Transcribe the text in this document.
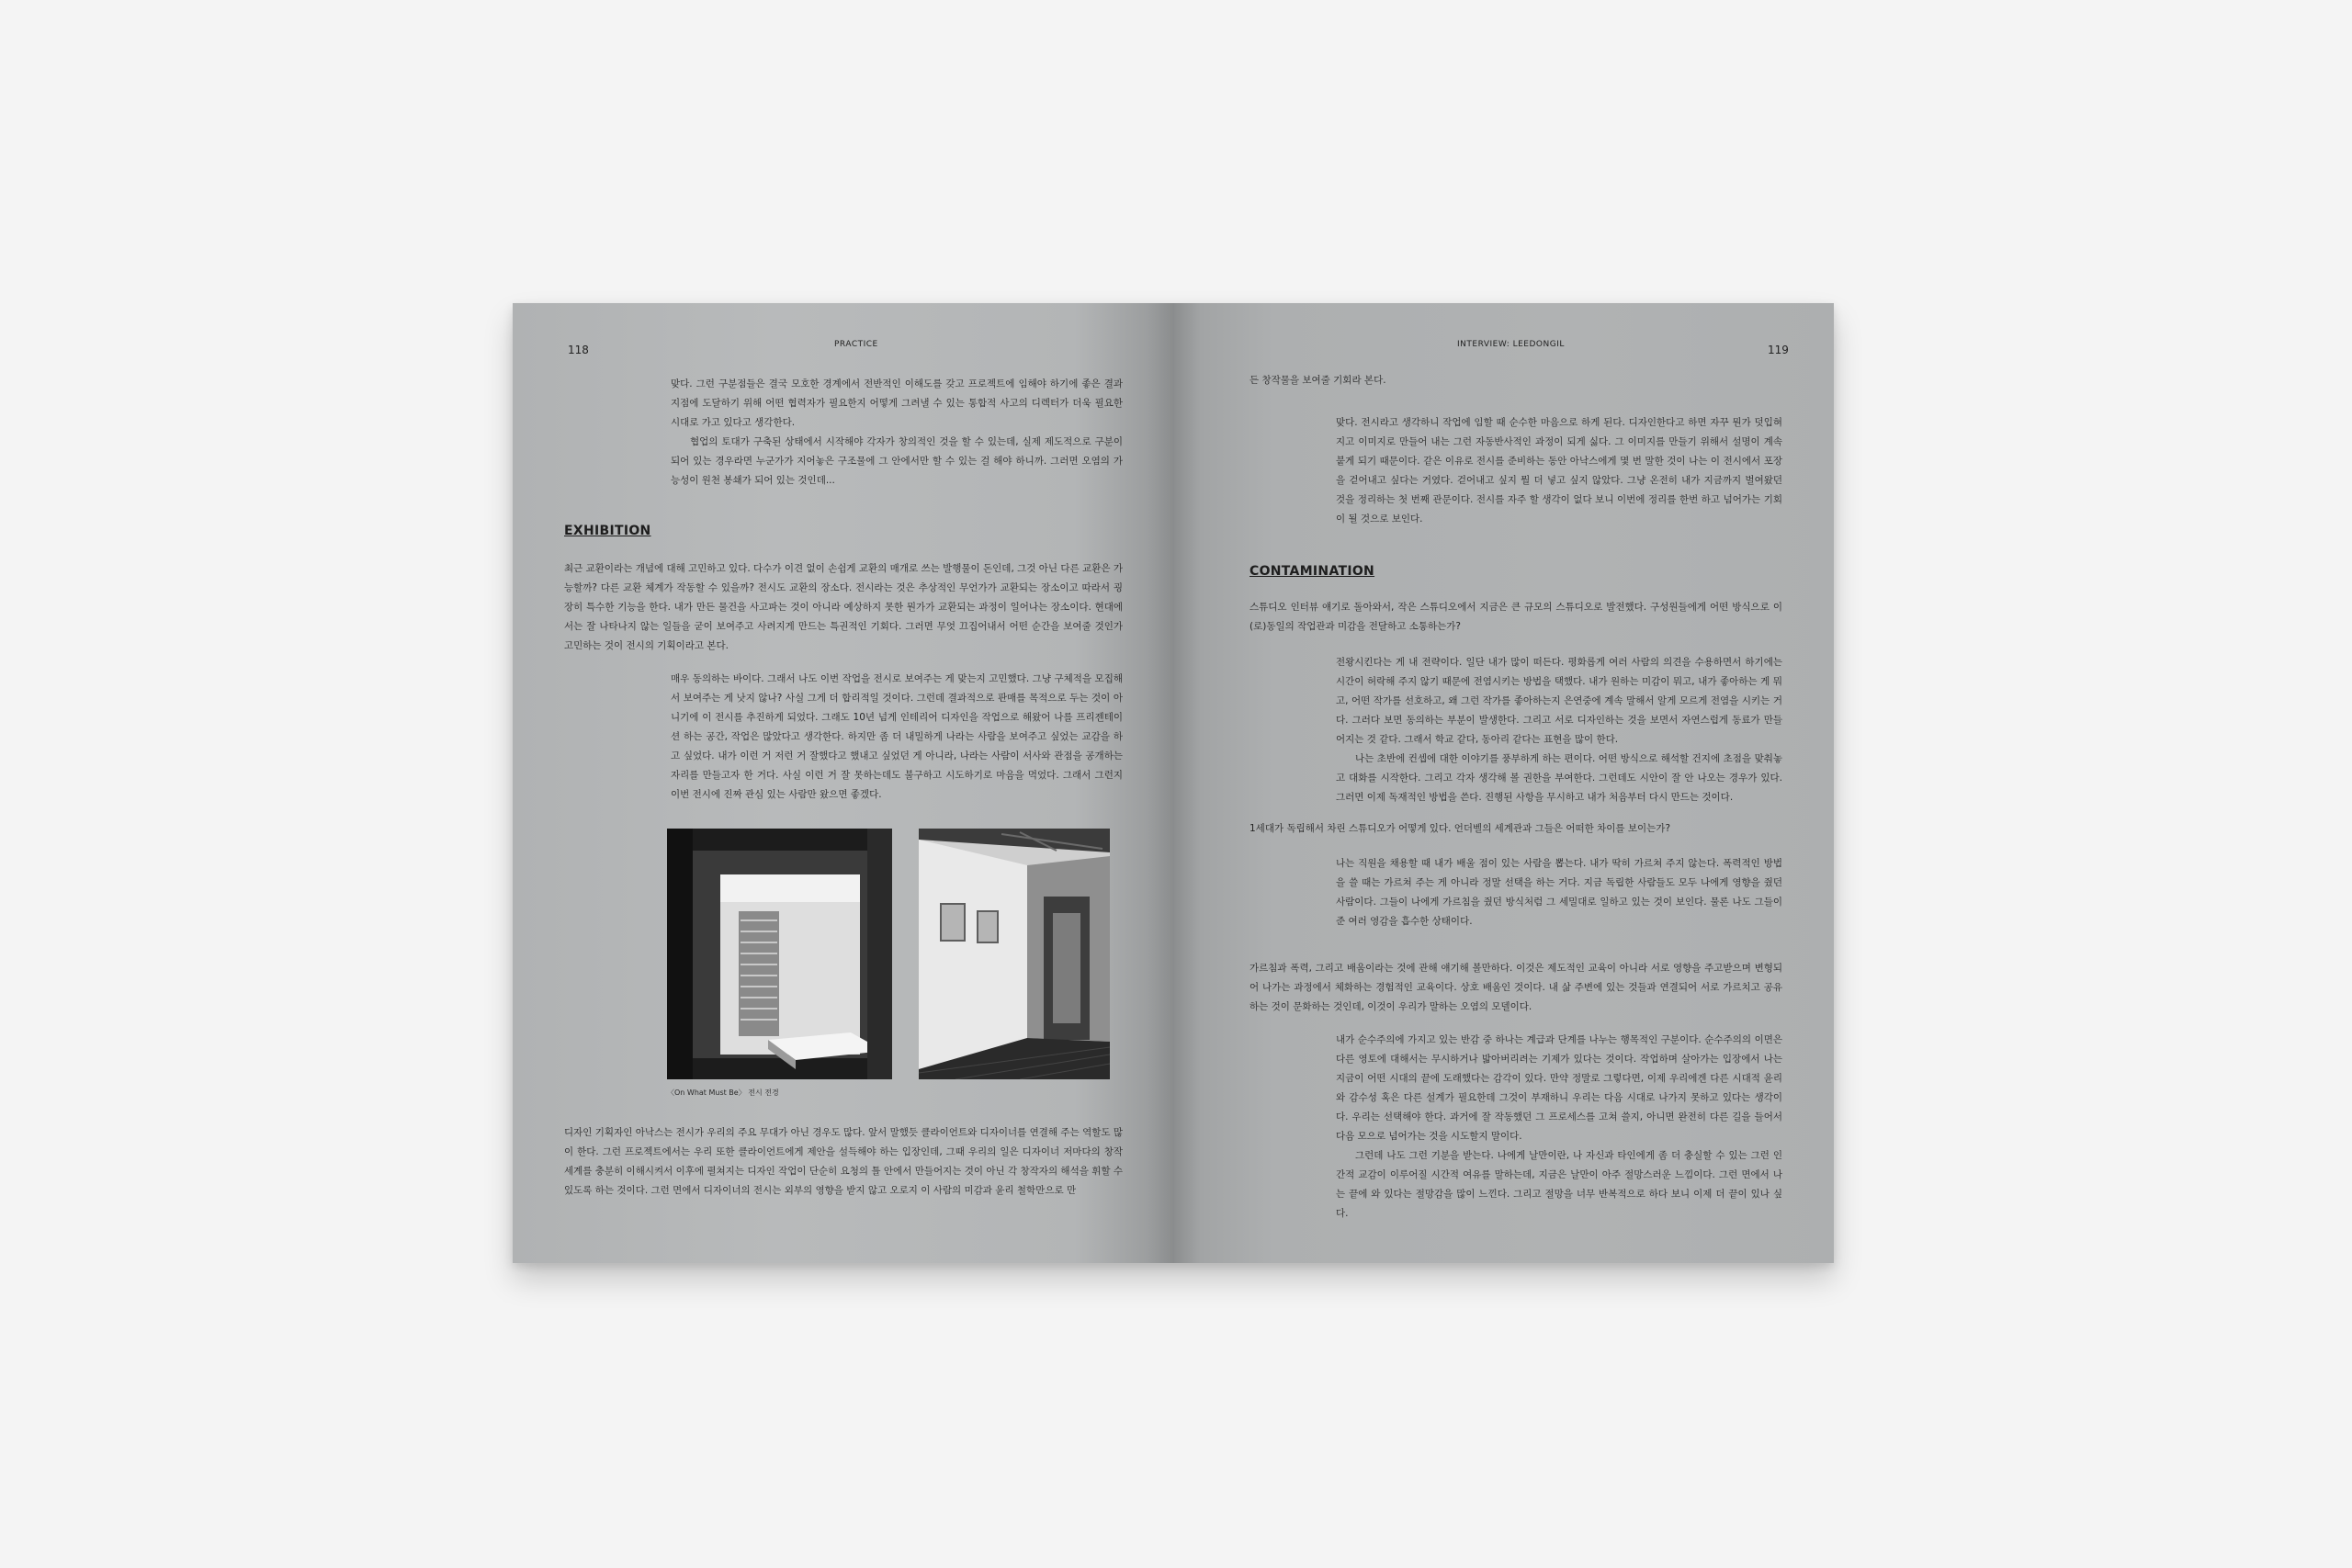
118	PRACTICE

맞다. 그런 구분점들은 결국 모호한 경계에서 전반적인 이해도를 갖고 프로젝트에 임해야 하기에 좋은 결과 지점에 도달하기 위해 어떤 협력자가 필요한지 어떻게 그려낼 수 있는 통합적 사고의 디렉터가 더욱 필요한 시대로 가고 있다고 생각한다.

협업의 토대가 구축된 상태에서 시작해야 각자가 창의적인 것을 할 수 있는데, 실제 제도적으로 구분이 되어 있는 경우라면 누군가가 지어놓은 구조물에 그 안에서만 할 수 있는 걸 해야 하니까. 그러면 오염의 가능성이 원천 봉쇄가 되어 있는 것인데...

EXHIBITION
최근 교환이라는 개념에 대해 고민하고 있다. 다수가 이견 없이 손쉽게 교환의 매개로 쓰는 발행물이 돈인데, 그것 아닌 다른 교환은 가능할까? 다른 교환 체계가 작동할 수 있을까? 전시도 교환의 장소다. 전시라는 것은 추상적인 무언가가 교환되는 장소이고 따라서 굉장히 특수한 기능을 한다. 내가 만든 물건을 사고파는 것이 아니라 예상하지 못한 뭔가가 교환되는 과정이 일어나는 장소이다. 현대에서는 잘 나타나지 않는 일들을 굳이 보여주고 사려지게 만드는 특권적인 기회다. 그러면 무엇 끄집어내서 어떤 순간을 보여줄 것인가 고민하는 것이 전시의 기획이라고 본다.
매우 동의하는 바이다. 그래서 나도 이번 작업을 전시로 보여주는 게 맞는지 고민했다. 그냥 구체적을 모집해서 보여주는 게 낫지 않나? 사실 그게 더 합리적일 것이다. 그런데 결과적으로 판매를 목적으로 두는 것이 아니기에 이 전시를 추진하게 되었다. 그래도 10년 넘게 인테리어 디자인을 작업으로 해왔어 나를 프리젠테이션 하는 공간, 작업은 많았다고 생각한다. 하지만 좀 더 내밀하게 나라는 사람을 보여주고 싶었는 교감을 하고 싶었다. 내가 이런 거 저런 거 잘했다고 했내고 싶었던 게 아니라, 나라는 사람이 서사와 관점을 공개하는 자리를 만들고자 한 거다. 사실 이런 거 잘 못하는데도 불구하고 시도하기로 마음을 먹었다. 그래서 그런지 이번 전시에 진짜 관심 있는 사람만 왔으면 좋겠다.
〈On What Must Be〉 전시 전경
디자인 기획자인 아낙스는 전시가 우리의 주요 무대가 아닌 경우도 많다. 앞서 말했듯 클라이언트와 디자이너를 연결해 주는 역할도 많이 한다. 그런 프로젝트에서는 우리 또한 클라이언트에게 제안을 설득해야 하는 입장인데, 그때 우리의 일은 디자이너 저마다의 창작 세계를 충분히 이해시켜서 이후에 펼쳐지는 디자인 작업이 단순히 요청의 틀 안에서 만들어지는 것이 아닌 각 창작자의 해석을 휘할 수 있도록 하는 것이다. 그런 면에서 디자이너의 전시는 외부의 영향을 받지 않고 오로지 이 사람의 미감과 윤리 철학만으로 만
INTERVIEW: LEEDONGIL	119
든 창작물을 보여줄 기회라 본다.
맞다. 전시라고 생각하니 작업에 임할 때 순수한 마음으로 하게 된다. 디자인한다고 하면 자꾸 뭔가 덧입혀지고 이미지로 만들어 내는 그런 자동반사적인 과정이 되게 싫다. 그 이미지를 만들기 위해서 설명이 계속 붙게 되기 때문이다. 같은 이유로 전시를 준비하는 동안 아낙스에게 몇 번 말한 것이 나는 이 전시에서 포장을 걷어내고 싶다는 거였다. 걷어내고 싶지 뭘 더 넣고 싶지 않았다. 그냥 온전히 내가 지금까지 벌여왔던 것을 정리하는 첫 번째 관문이다. 전시를 자주 할 생각이 없다 보니 이번에 정리를 한번 하고 넘어가는 기회이 될 것으로 보인다.
CONTAMINATION
스튜디오 인터뷰 얘기로 돌아와서, 작은 스튜디오에서 지금은 큰 규모의 스튜디오로 발전했다. 구성원들에게 어떤 방식으로 이(로)동일의 작업관과 미감을 전달하고 소통하는가?

전왕시킨다는 게 내 전략이다. 일단 내가 많이 떠든다. 평화롭게 여러 사람의 의견을 수용하면서 하기에는 시간이 허락해 주지 않기 때문에 전염시키는 방법을 택했다. 내가 원하는 미감이 뭐고, 내가 좋아하는 게 뭐고, 어떤 작가를 선호하고, 왜 그런 작가를 좋아하는지 은연중에 계속 말해서 알게 모르게 전염을 시키는 거다. 그러다 보면 동의하는 부분이 발생한다. 그리고 서로 디자인하는 것을 보면서 자연스럽게 동료가 만들어지는 것 같다. 그래서 학교 같다, 동아리 같다는 표현을 많이 한다.

나는 초반에 컨셉에 대한 이야기를 풍부하게 하는 편이다. 어떤 방식으로 해석할 건지에 초점을 맞춰놓고 대화를 시작한다. 그리고 각자 생각해 볼 권한을 부여한다. 그런데도 시안이 잘 안 나오는 경우가 있다. 그러면 이제 독재적인 방법을 쓴다. 진행된 사항을 무시하고 내가 처음부터 다시 만드는 것이다.

1세대가 독립해서 차린 스튜디오가 어떻게 있다. 언더벨의 세계관과 그들은 어떠한 차이를 보이는가?
나는 직원을 채용할 때 내가 배울 점이 있는 사람을 뽑는다. 내가 딱히 가르쳐 주지 않는다. 폭력적인 방법을 쓸 때는 가르쳐 주는 게 아니라 정말 선택을 하는 거다. 지금 독립한 사람들도 모두 나에게 영향을 줬던 사람이다. 그들이 나에게 가르침을 줬던 방식처럼 그 세밀대로 일하고 있는 것이 보인다. 물론 나도 그들이 준 여러 영감을 흡수한 상태이다.
가르침과 폭력, 그리고 배움이라는 것에 관해 얘기해 볼만하다. 이것은 제도적인 교육이 아니라 서로 영향을 주고받으며 변형되어 나가는 과정에서 체화하는 경험적인 교육이다. 상호 배움인 것이다. 내 삶 주변에 있는 것들과 연결되어 서로 가르치고 공유하는 것이 문화하는 것인데, 이것이 우리가 말하는 오염의 모델이다.

내가 순수주의에 가지고 있는 반감 중 하나는 계급과 단계를 나누는 행목적인 구분이다. 순수주의의 이면은 다른 영토에 대해서는 무시하거나 밟아버리려는 기제가 있다는 것이다. 작업하며 살아가는 입장에서 나는 지금이 어떤 시대의 끝에 도래했다는 감각이 있다. 만약 정말로 그렇다면, 이제 우리에겐 다른 시대적 윤리와 감수성 혹은 다른 설계가 필요한데 그것이 부재하니 우리는 다음 시대로 나가지 못하고 있다는 생각이다. 우리는 선택해야 한다. 과거에 잘 작동했던 그 프로세스를 고쳐 쓸지, 아니면 완전히 다른 길을 들어서 다음 모으로 넘어가는 것을 시도할지 말이다.

그런데 나도 그런 기분을 받는다. 나에게 날만이란, 나 자신과 타인에게 좀 더 충실할 수 있는 그런 인간적 교감이 이루어질 시간적 여유를 말하는데, 지금은 날만이 아주 절망스러운 느낌이다. 그런 면에서 나는 끝에 와 있다는 절망감을 많이 느낀다. 그리고 절망을 너무 반복적으로 하다 보니 이제 더 끝이 있나 싶다.
